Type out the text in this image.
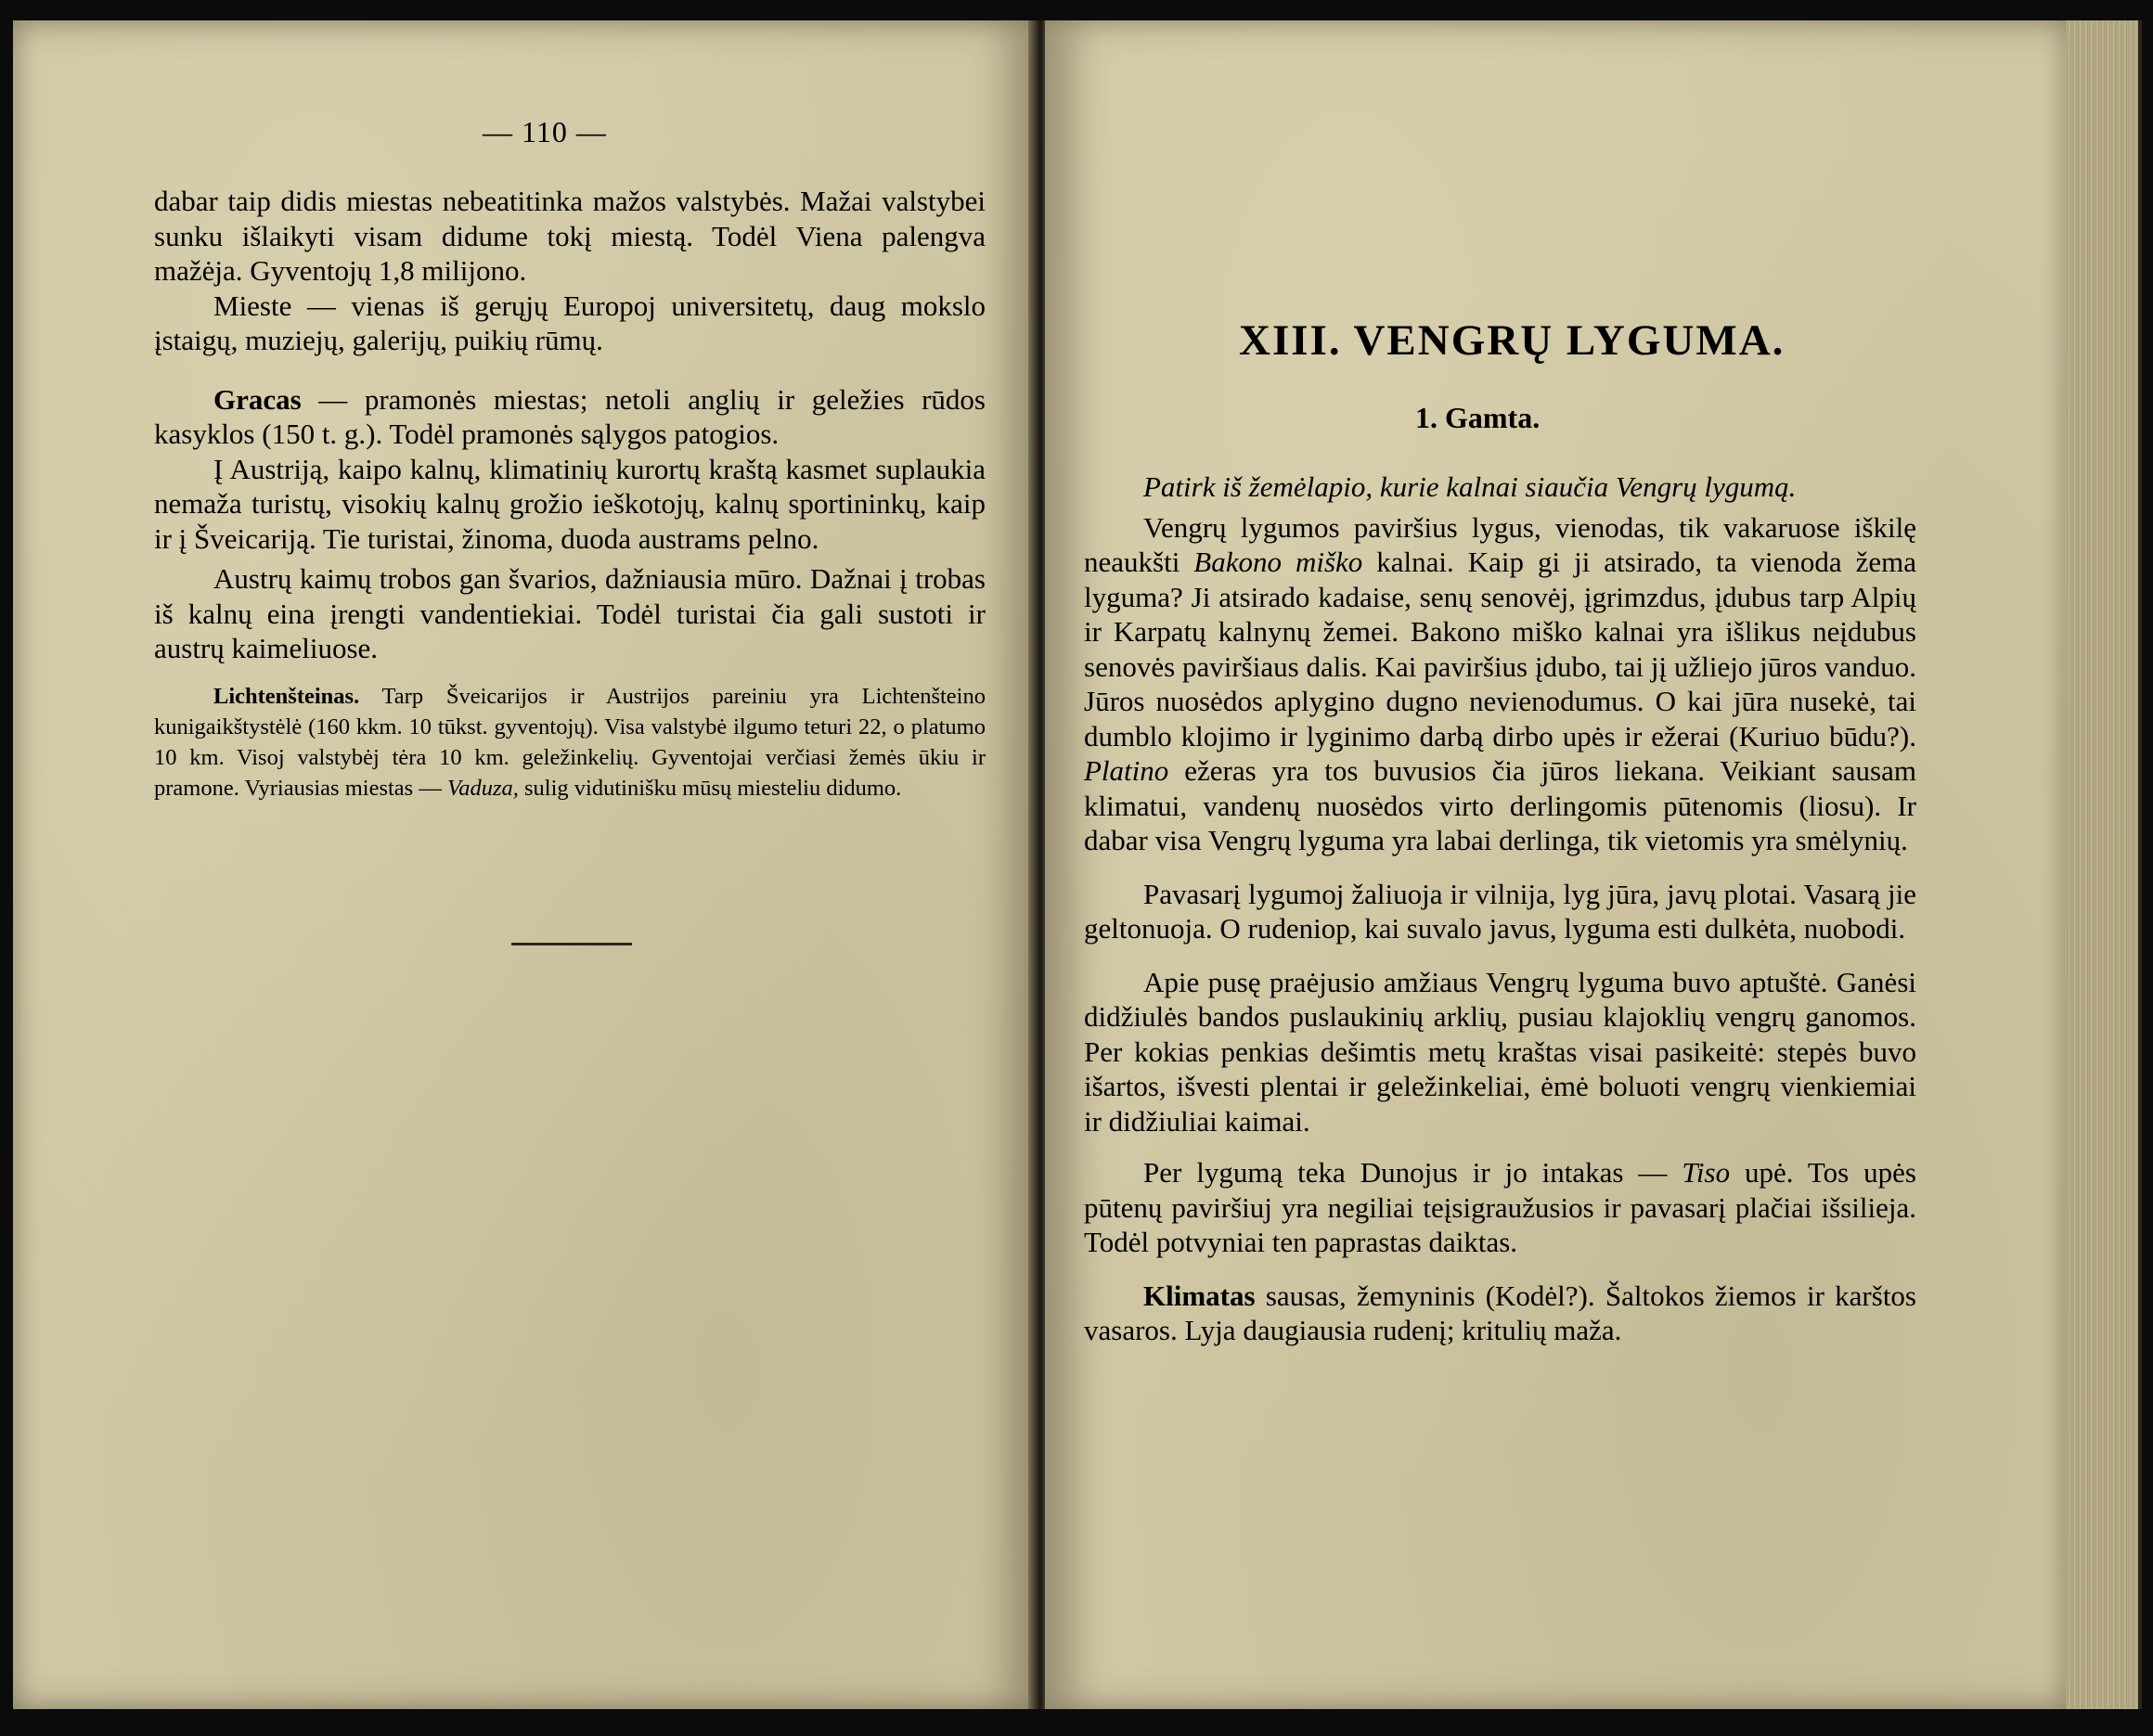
— 110 —

dabar taip didis miestas nebeatitinka mažos valstybės. Mažai valstybei sunku išlaikyti visam didume tokį miestą. Todėl Viena palengva mažėja. Gyventojų 1,8 milijono.

Mieste — vienas iš gerųjų Europoj universitetų, daug mokslo įstaigų, muziejų, galerijų, puikių rūmų.

Gracas — pramonės miestas; netoli anglių ir geležies rūdos kasyklos (150 t. g.). Todėl pramonės sąlygos patogios.

Į Austriją, kaipo kalnų, klimatinių kurortų kraštą kasmet suplaukia nemaža turistų, visokių kalnų grožio ieškotojų, kalnų sportininkų, kaip ir į Šveicariją. Tie turistai, žinoma, duoda austrams pelno.

Austrų kaimų trobos gan švarios, dažniausia mūro. Dažnai į trobas iš kalnų eina įrengti vandentiekiai. Todėl turistai čia gali sustoti ir austrų kaimeliuose.

Lichtenšteinas. Tarp Šveicarijos ir Austrijos pareiniu yra Lichtenšteino kunigaikštystėlė (160 kkm. 10 tūkst. gyventojų). Visa valstybė ilgumo teturi 22, o platumo 10 km. Visoj valstybėj tėra 10 km. geležinkelių. Gyventojai verčiasi žemės ūkiu ir pramone. Vyriausias miestas — Vaduza, sulig vidutinišku mūsų miesteliu didumo.

XIII. VENGRŲ LYGUMA.
1. Gamta.

Patirk iš žemėlapio, kurie kalnai siaučia Vengrų lygumą.

Vengrų lygumos paviršius lygus, vienodas, tik vakaruose iškilę neaukšti Bakono miško kalnai. Kaip gi ji atsirado, ta vienoda žema lyguma? Ji atsirado kadaise, senų senovėj, įgrimzdus, įdubus tarp Alpių ir Karpatų kalnynų žemei. Bakono miško kalnai yra išlikus neįdubus senovės paviršiaus dalis. Kai paviršius įdubo, tai jį užliejo jūros vanduo. Jūros nuosėdos aplygino dugno nevienodumus. O kai jūra nusekė, tai dumblo klojimo ir lyginimo darbą dirbo upės ir ežerai (Kuriuo būdu?). Platino ežeras yra tos buvusios čia jūros liekana. Veikiant sausam klimatui, vandenų nuosėdos virto derlingomis pūtenomis (liosu). Ir dabar visa Vengrų lyguma yra labai derlinga, tik vietomis yra smėlynių.

Pavasarį lygumoj žaliuoja ir vilnija, lyg jūra, javų plotai. Vasarą jie geltonuoja. O rudeniop, kai suvalo javus, lyguma esti dulkėta, nuobodi.

Apie pusę praėjusio amžiaus Vengrų lyguma buvo aptuštė. Ganėsi didžiulės bandos puslaukinių arklių, pusiau klajoklių vengrų ganomos. Per kokias penkias dešimtis metų kraštas visai pasikeitė: stepės buvo išartos, išvesti plentai ir geležinkeliai, ėmė boluoti vengrų vienkiemiai ir didžiuliai kaimai.

Per lygumą teka Dunojus ir jo intakas — Tiso upė. Tos upės pūtenų paviršiuj yra negiliai teįsigraužusios ir pavasarį plačiai išsilieja. Todėl potvyniai ten paprastas daiktas.

Klimatas sausas, žemyninis (Kodėl?). Šaltokos žiemos ir karštos vasaros. Lyja daugiausia rudenį; kritulių maža.
